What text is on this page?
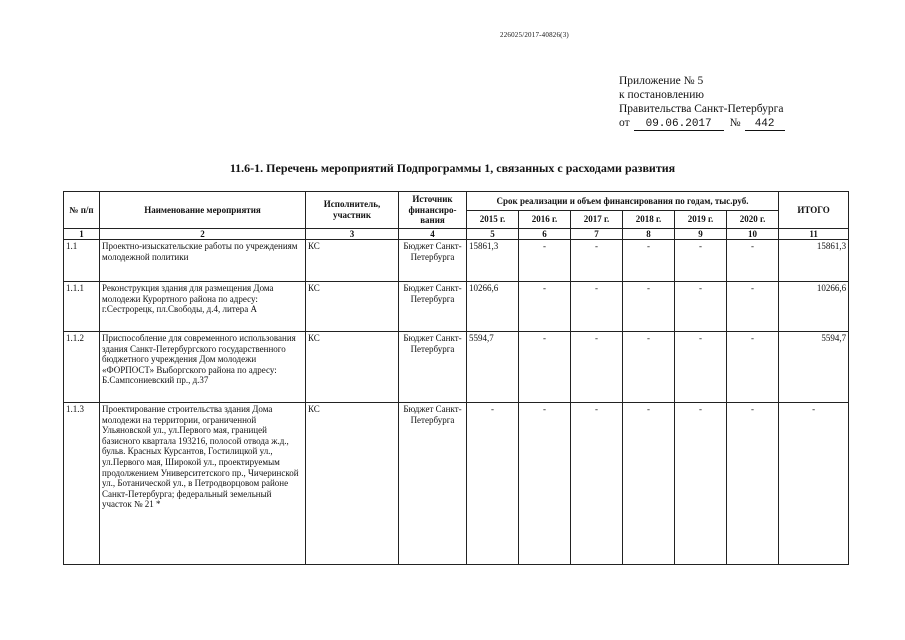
226025/2017-40826(3)
Приложение № 5
к постановлению
Правительства Санкт-Петербурга
от 09.06.2017 № 442
11.6-1. Перечень мероприятий Подпрограммы 1, связанных с расходами развития
№ п/п	Наименование мероприятия	Исполнитель, участник	Источник финансиро-вания	Срок реализации и объем финансирования по годам, тыс.руб.						ИТОГО
				2015 г.	2016 г.	2017 г.	2018 г.	2019 г.	2020 г.	
1	2	3	4	5	6	7	8	9	10	11
1.1	Проектно-изыскательские работы по учреждениям молодежной политики	КС	Бюджет Санкт-Петербурга	15861,3	-	-	-	-	-	15861,3
1.1.1	Реконструкция здания для размещения Дома молодежи Курортного района по адресу: г.Сестрорецк, пл.Свободы, д.4, литера А	КС	Бюджет Санкт-Петербурга	10266,6	-	-	-	-	-	10266,6
1.1.2	Приспособление для современного использования здания Санкт-Петербургского государственного бюджетного учреждения Дом молодежи «ФОРПОСТ» Выборгского района по адресу: Б.Сампсониевский пр., д.37	КС	Бюджет Санкт-Петербурга	5594,7	-	-	-	-	-	5594,7
1.1.3	Проектирование строительства здания Дома молодежи на территории, ограниченной Ульяновской ул., ул.Первого мая, границей базисного квартала 193216, полосой отвода ж.д., бульв. Красных Курсантов, Гостилицкой ул., ул.Первого мая, Широкой ул., проектируемым продолжением Университетского пр., Чичеринской ул., Ботанической ул., в Петродворцовом районе Санкт-Петербурга; федеральный земельный участок № 21 *	КС	Бюджет Санкт-Петербурга	-	-	-	-	-	-	-
